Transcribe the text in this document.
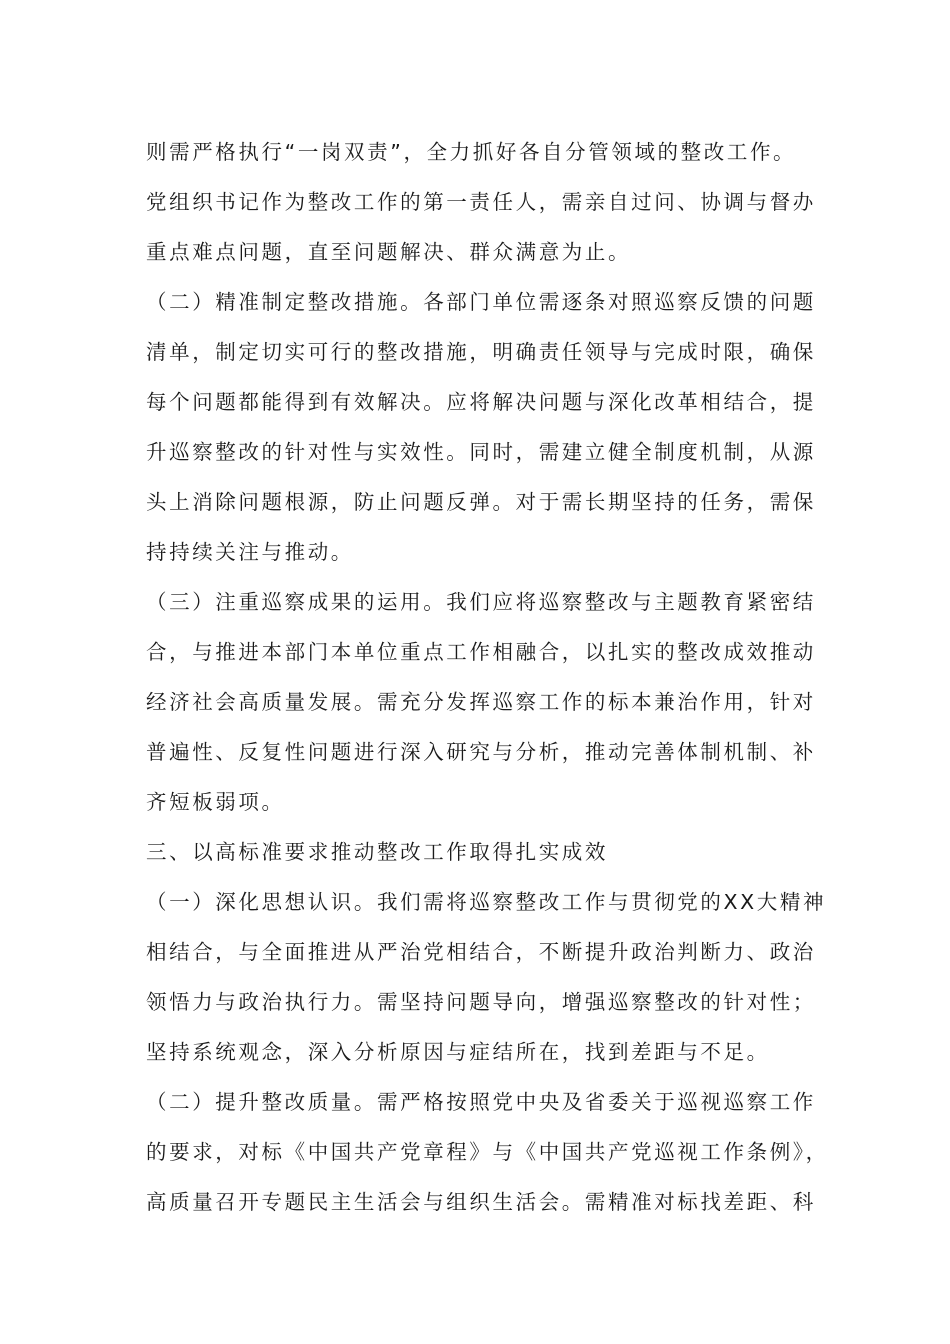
则需严格执行“一岗双责”，全力抓好各自分管领域的整改工作。
党组织书记作为整改工作的第一责任人，需亲自过问、协调与督办
重点难点问题，直至问题解决、群众满意为止。
（二）精准制定整改措施。各部门单位需逐条对照巡察反馈的问题
清单，制定切实可行的整改措施，明确责任领导与完成时限，确保
每个问题都能得到有效解决。应将解决问题与深化改革相结合，提
升巡察整改的针对性与实效性。同时，需建立健全制度机制，从源
头上消除问题根源，防止问题反弹。对于需长期坚持的任务，需保
持持续关注与推动。
（三）注重巡察成果的运用。我们应将巡察整改与主题教育紧密结
合，与推进本部门本单位重点工作相融合，以扎实的整改成效推动
经济社会高质量发展。需充分发挥巡察工作的标本兼治作用，针对
普遍性、反复性问题进行深入研究与分析，推动完善体制机制、补
齐短板弱项。
三、以高标准要求推动整改工作取得扎实成效
（一）深化思想认识。我们需将巡察整改工作与贯彻党的XX大精神
相结合，与全面推进从严治党相结合，不断提升政治判断力、政治
领悟力与政治执行力。需坚持问题导向，增强巡察整改的针对性；
坚持系统观念，深入分析原因与症结所在，找到差距与不足。
（二）提升整改质量。需严格按照党中央及省委关于巡视巡察工作
的要求，对标《中国共产党章程》与《中国共产党巡视工作条例》，
高质量召开专题民主生活会与组织生活会。需精准对标找差距、科
